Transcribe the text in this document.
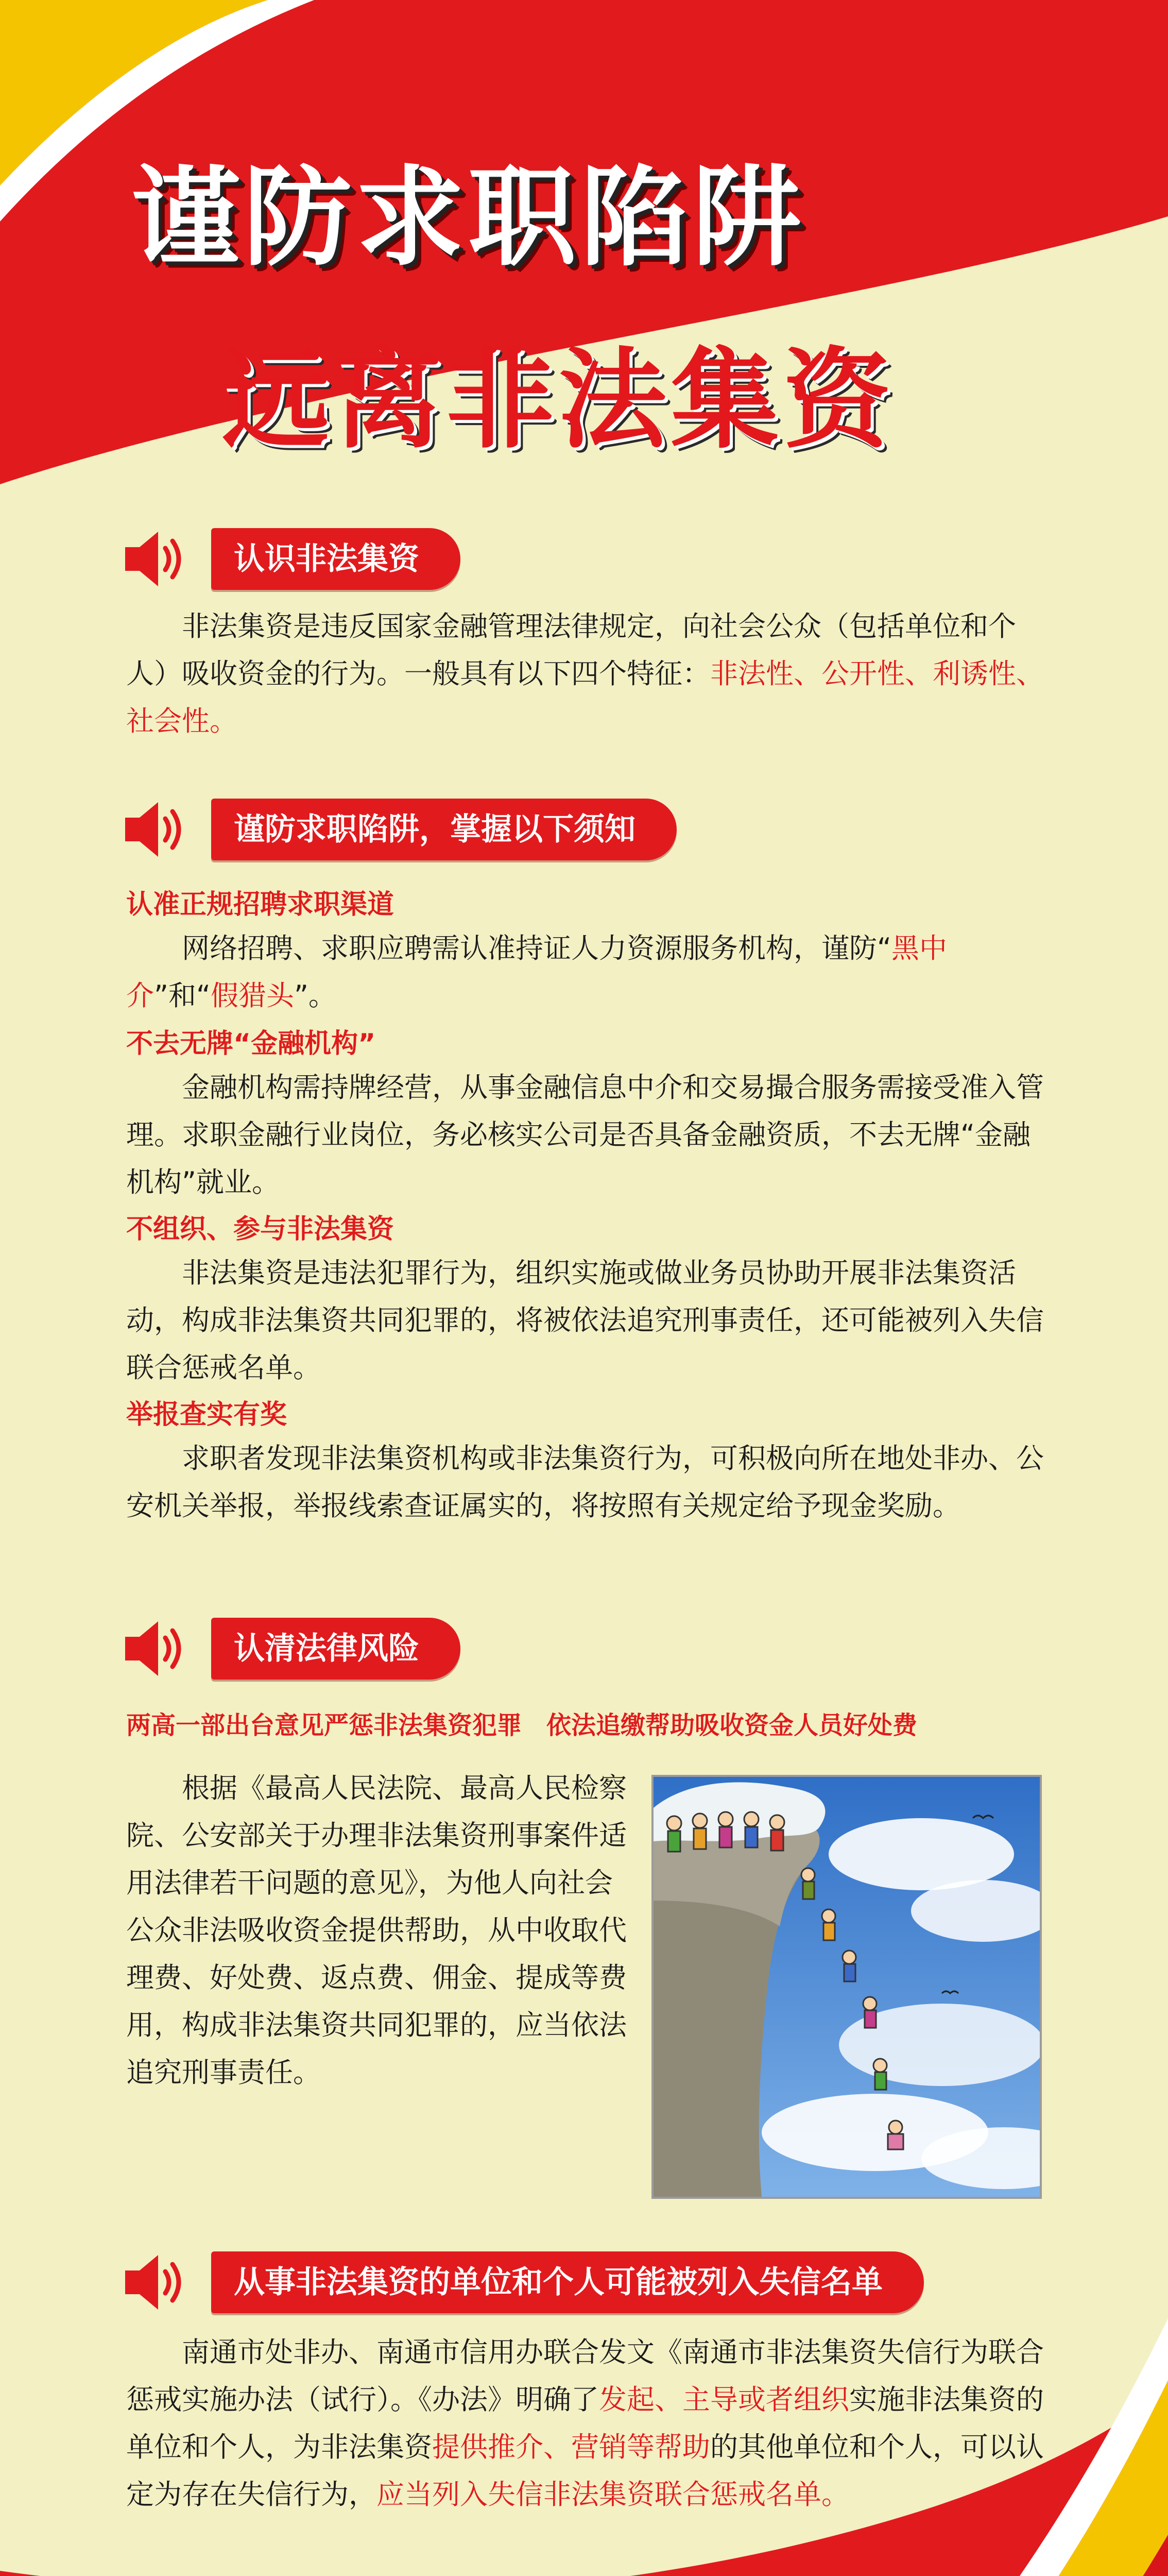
谨防求职陷阱
远离非法集资
认识非法集资

非法集资是违反国家金融管理法律规定，向社会公众（包括单位和个人）吸收资金的行为。一般具有以下四个特征：非法性、公开性、利诱性、社会性。

谨防求职陷阱，掌握以下须知
认准正规招聘求职渠道

网络招聘、求职应聘需认准持证人力资源服务机构，谨防“黑中介”和“假猎头”。

不去无牌“金融机构”

金融机构需持牌经营，从事金融信息中介和交易撮合服务需接受准入管理。求职金融行业岗位，务必核实公司是否具备金融资质，不去无牌“金融机构”就业。

不组织、参与非法集资

非法集资是违法犯罪行为，组织实施或做业务员协助开展非法集资活动，构成非法集资共同犯罪的，将被依法追究刑事责任，还可能被列入失信联合惩戒名单。

举报查实有奖

求职者发现非法集资机构或非法集资行为，可积极向所在地处非办、公安机关举报，举报线索查证属实的，将按照有关规定给予现金奖励。

认清法律风险
两高一部出台意见严惩非法集资犯罪　依法追缴帮助吸收资金人员好处费

根据《最高人民法院、最高人民检察院、公安部关于办理非法集资刑事案件适用法律若干问题的意见》，为他人向社会公众非法吸收资金提供帮助，从中收取代理费、好处费、返点费、佣金、提成等费用，构成非法集资共同犯罪的，应当依法追究刑事责任。

从事非法集资的单位和个人可能被列入失信名单

南通市处非办、南通市信用办联合发文《南通市非法集资失信行为联合惩戒实施办法（试行）。《办法》明确了发起、主导或者组织实施非法集资的单位和个人，为非法集资提供推介、营销等帮助的其他单位和个人，可以认定为存在失信行为，应当列入失信非法集资联合惩戒名单。
